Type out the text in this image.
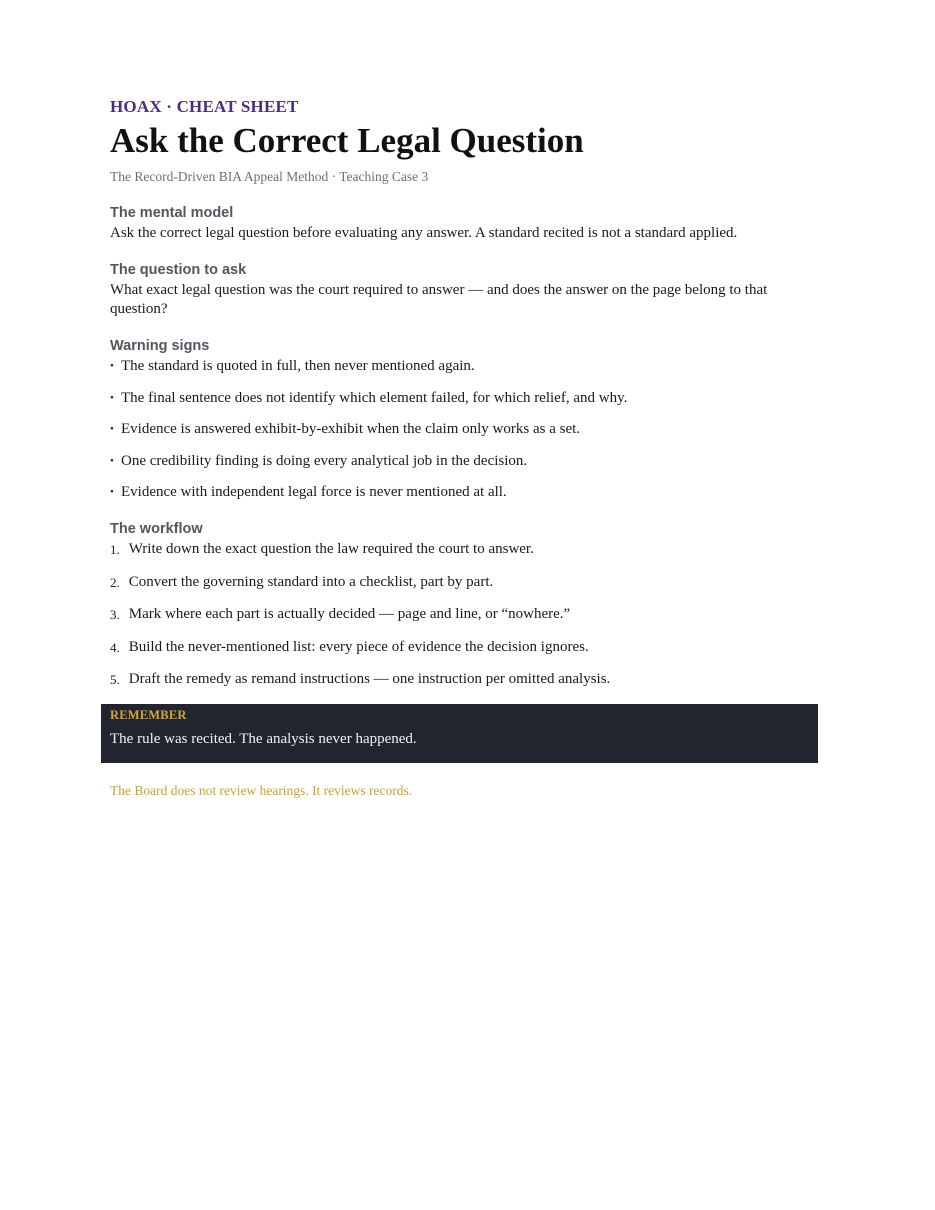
HOAX · CHEAT SHEET
Ask the Correct Legal Question
The Record-Driven BIA Appeal Method · Teaching Case 3
The mental model
Ask the correct legal question before evaluating any answer. A standard recited is not a standard applied.
The question to ask
What exact legal question was the court required to answer — and does the answer on the page belong to that question?
Warning signs
• The standard is quoted in full, then never mentioned again.
• The final sentence does not identify which element failed, for which relief, and why.
• Evidence is answered exhibit-by-exhibit when the claim only works as a set.
• One credibility finding is doing every analytical job in the decision.
• Evidence with independent legal force is never mentioned at all.
The workflow
1. Write down the exact question the law required the court to answer.
2. Convert the governing standard into a checklist, part by part.
3. Mark where each part is actually decided — page and line, or “nowhere.”
4. Build the never-mentioned list: every piece of evidence the decision ignores.
5. Draft the remedy as remand instructions — one instruction per omitted analysis.
REMEMBER
The rule was recited. The analysis never happened.
The Board does not review hearings. It reviews records.
